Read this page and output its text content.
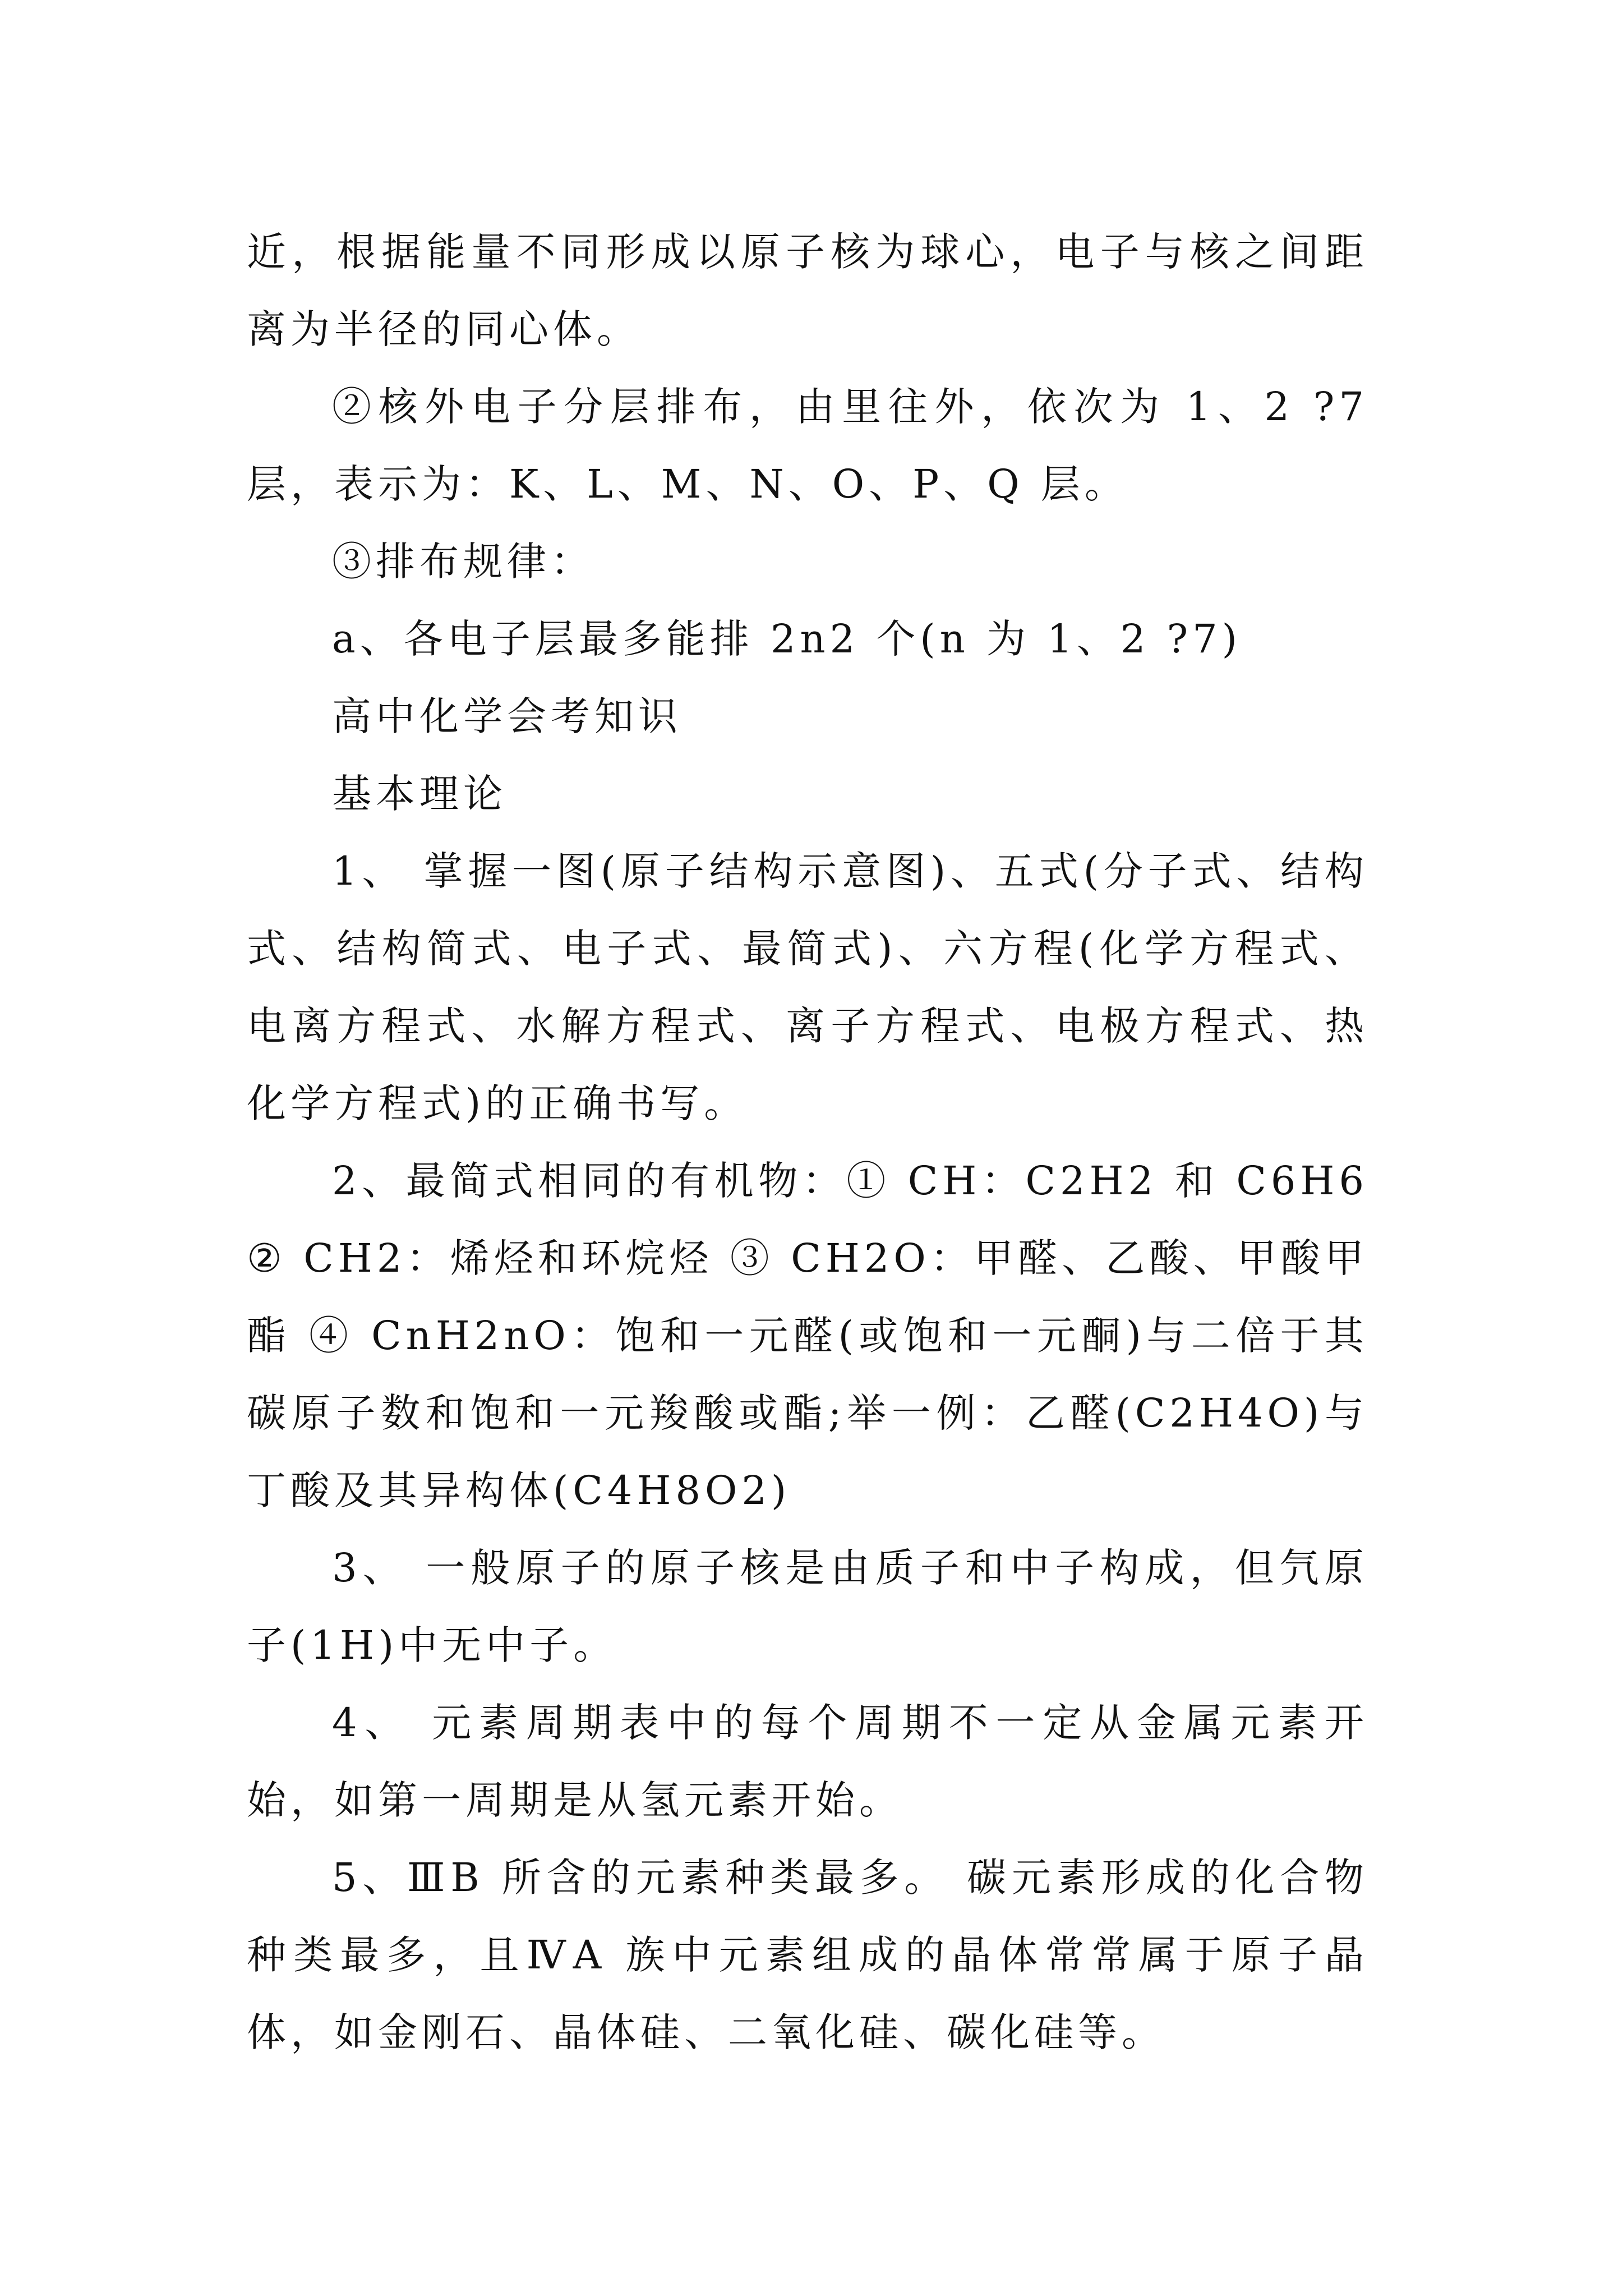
近，根据能量不同形成以原子核为球心，电子与核之间距离为半径的同心体。

②核外电子分层排布，由里往外，依次为 1、2 ?7 层，表示为：K、L、M、N、O、P、Q 层。

③排布规律：

a、各电子层最多能排 2n2 个(n 为 1、2 ?7)

高中化学会考知识

基本理论

1、 掌握一图(原子结构示意图)、五式(分子式、结构式、结构简式、电子式、最简式)、六方程(化学方程式、电离方程式、水解方程式、离子方程式、电极方程式、热化学方程式)的正确书写。

2、最简式相同的有机物：① CH：C2H2 和 C6H6② CH2：烯烃和环烷烃 ③ CH2O：甲醛、乙酸、甲酸甲酯 ④ CnH2nO：饱和一元醛(或饱和一元酮)与二倍于其碳原子数和饱和一元羧酸或酯;举一例：乙醛(C2H4O)与丁酸及其异构体(C4H8O2)

3、 一般原子的原子核是由质子和中子构成，但氕原子(1H)中无中子。

4、 元素周期表中的每个周期不一定从金属元素开始，如第一周期是从氢元素开始。

5、ⅢB 所含的元素种类最多。 碳元素形成的化合物种类最多，且ⅣA 族中元素组成的晶体常常属于原子晶体，如金刚石、晶体硅、二氧化硅、碳化硅等。
